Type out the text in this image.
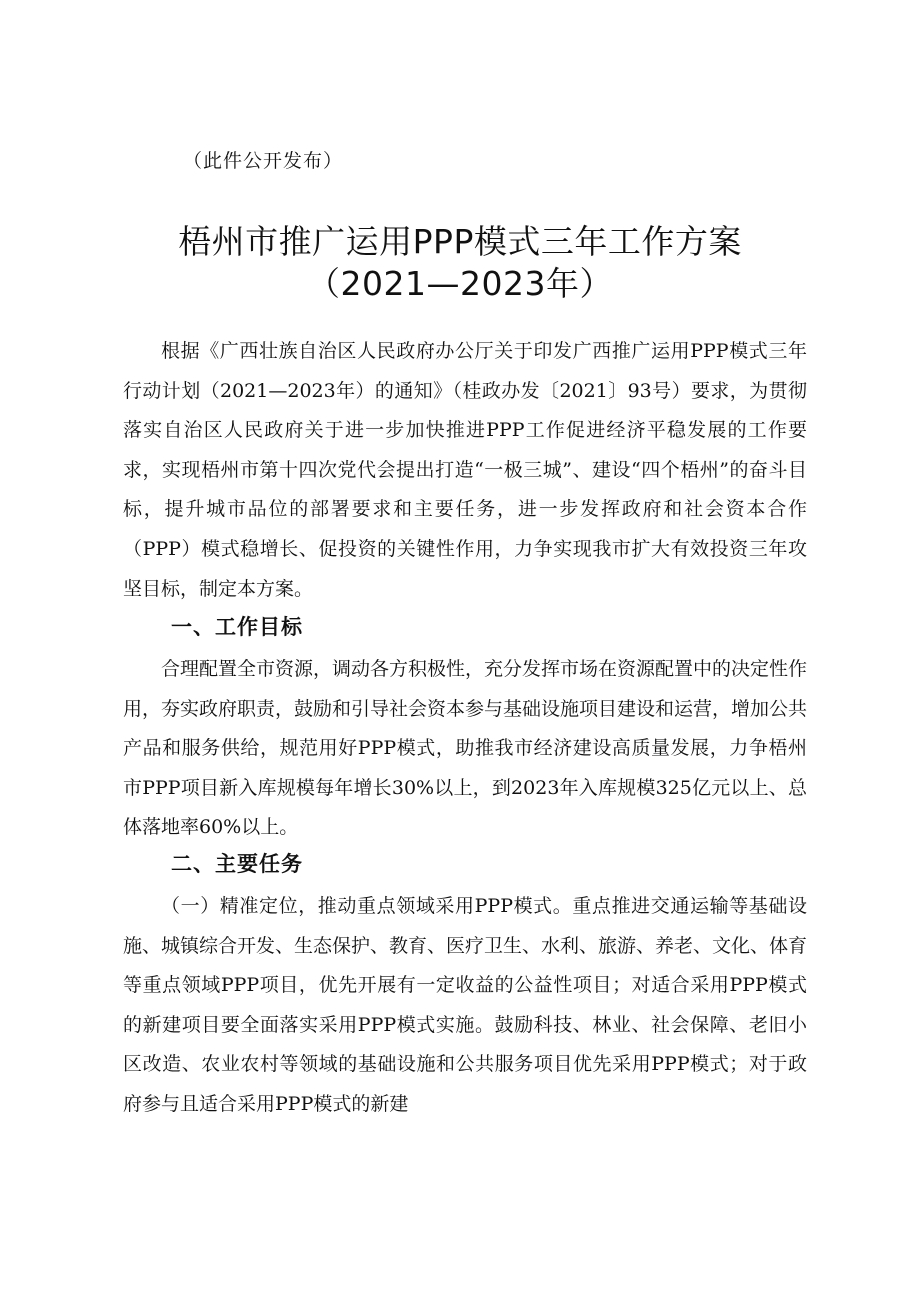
（此件公开发布）

梧州市推广运用PPP模式三年工作方案
（2021—2023年）

根据《广西壮族自治区人民政府办公厅关于印发广西推广运用PPP模式三年行动计划（2021—2023年）的通知》（桂政办发〔2021〕93号）要求，为贯彻落实自治区人民政府关于进一步加快推进PPP工作促进经济平稳发展的工作要求，实现梧州市第十四次党代会提出打造“一极三城”、建设“四个梧州”的奋斗目标，提升城市品位的部署要求和主要任务，进一步发挥政府和社会资本合作（PPP）模式稳增长、促投资的关键性作用，力争实现我市扩大有效投资三年攻坚目标，制定本方案。

一、工作目标

合理配置全市资源，调动各方积极性，充分发挥市场在资源配置中的决定性作用，夯实政府职责，鼓励和引导社会资本参与基础设施项目建设和运营，增加公共产品和服务供给，规范用好PPP模式，助推我市经济建设高质量发展，力争梧州市PPP项目新入库规模每年增长30%以上，到2023年入库规模325亿元以上、总体落地率60%以上。

二、主要任务

（一）精准定位，推动重点领域采用PPP模式。重点推进交通运输等基础设施、城镇综合开发、生态保护、教育、医疗卫生、水利、旅游、养老、文化、体育等重点领域PPP项目，优先开展有一定收益的公益性项目；对适合采用PPP模式的新建项目要全面落实采用PPP模式实施。鼓励科技、林业、社会保障、老旧小区改造、农业农村等领域的基础设施和公共服务项目优先采用PPP模式；对于政府参与且适合采用PPP模式的新建
